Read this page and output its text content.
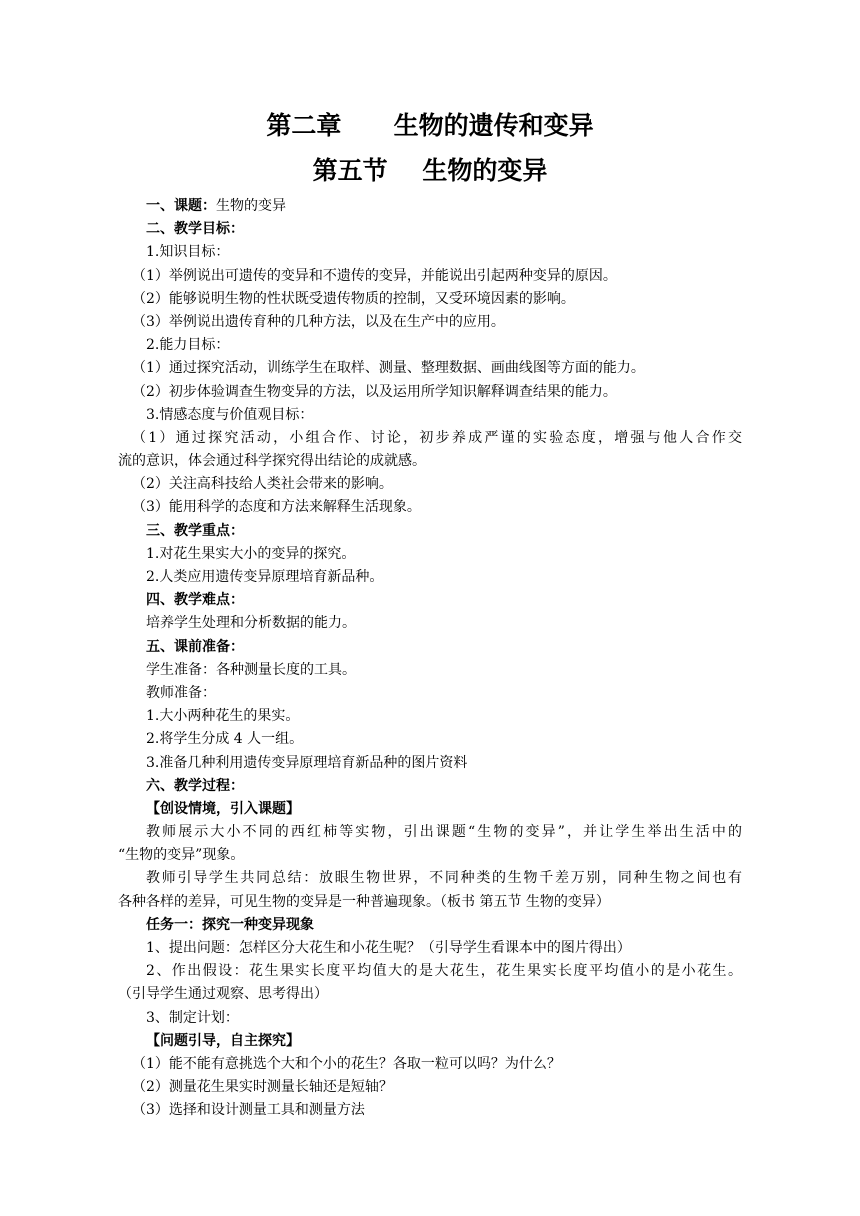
第二章      生物的遗传和变异
第五节    生物的变异
一、课题：生物的变异
二、教学目标：
1.知识目标：
（1）举例说出可遗传的变异和不遗传的变异，并能说出引起两种变异的原因。
（2）能够说明生物的性状既受遗传物质的控制，又受环境因素的影响。
（3）举例说出遗传育种的几种方法，以及在生产中的应用。
2.能力目标：
（1）通过探究活动，训练学生在取样、测量、整理数据、画曲线图等方面的能力。
（2）初步体验调查生物变异的方法，以及运用所学知识解释调查结果的能力。
3.情感态度与价值观目标：
（1）通过探究活动，小组合作、讨论，初步养成严谨的实验态度，增强与他人合作交
流的意识，体会通过科学探究得出结论的成就感。
（2）关注高科技给人类社会带来的影响。
（3）能用科学的态度和方法来解释生活现象。
三、教学重点：
1.对花生果实大小的变异的探究。
2.人类应用遗传变异原理培育新品种。
四、教学难点：
培养学生处理和分析数据的能力。
五、课前准备：
学生准备：各种测量长度的工具。
教师准备：
1.大小两种花生的果实。
2.将学生分成 4 人一组。
3.准备几种利用遗传变异原理培育新品种的图片资料
六、教学过程：
【创设情境，引入课题】
教师展示大小不同的西红柿等实物，引出课题“生物的变异”，并让学生举出生活中的
“生物的变异”现象。
教师引导学生共同总结：放眼生物世界，不同种类的生物千差万别，同种生物之间也有
各种各样的差异，可见生物的变异是一种普遍现象。（板书 第五节 生物的变异）
任务一：探究一种变异现象
1、提出问题：怎样区分大花生和小花生呢？（引导学生看课本中的图片得出）
2、作出假设：花生果实长度平均值大的是大花生，花生果实长度平均值小的是小花生。
（引导学生通过观察、思考得出）
3、制定计划：
【问题引导，自主探究】
（1）能不能有意挑选个大和个小的花生？各取一粒可以吗？为什么？
（2）测量花生果实时测量长轴还是短轴？
（3）选择和设计测量工具和测量方法
